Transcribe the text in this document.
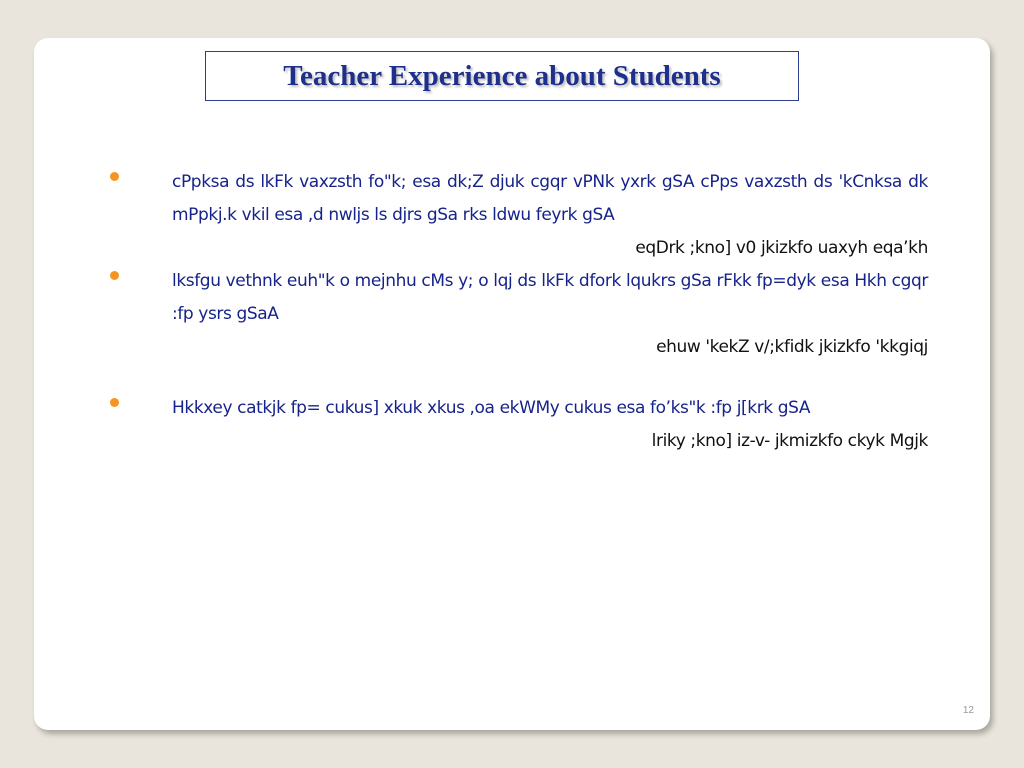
Teacher Experience about Students

cPpksa ds lkFk vaxzsth fo"k; esa dk;Z djuk cgqr vPNk yxrk gSA cPps vaxzsth ds 'kCnksa dk mPpkj.k vkil esa ,d nwljs ls djrs gSa rks ldwu feyrk gSA

eqDrk ;kno] v0 jkizkfo uaxyh eqa’kh

lksfgu vethnk euh"k o mejnhu cMs y; o lqj ds lkFk dfork lqukrs gSa rFkk fp=dyk esa Hkh cgqr :fp ysrs gSaA

ehuw 'kekZ v/;kfidk jkizkfo 'kkgiqj

Hkkxey catkjk fp= cukus] xkuk xkus ,oa ekWMy cukus esa fo’ks"k :fp j[krk gSA

lriky ;kno] iz-v- jkmizkfo ckyk Mgjk

12
